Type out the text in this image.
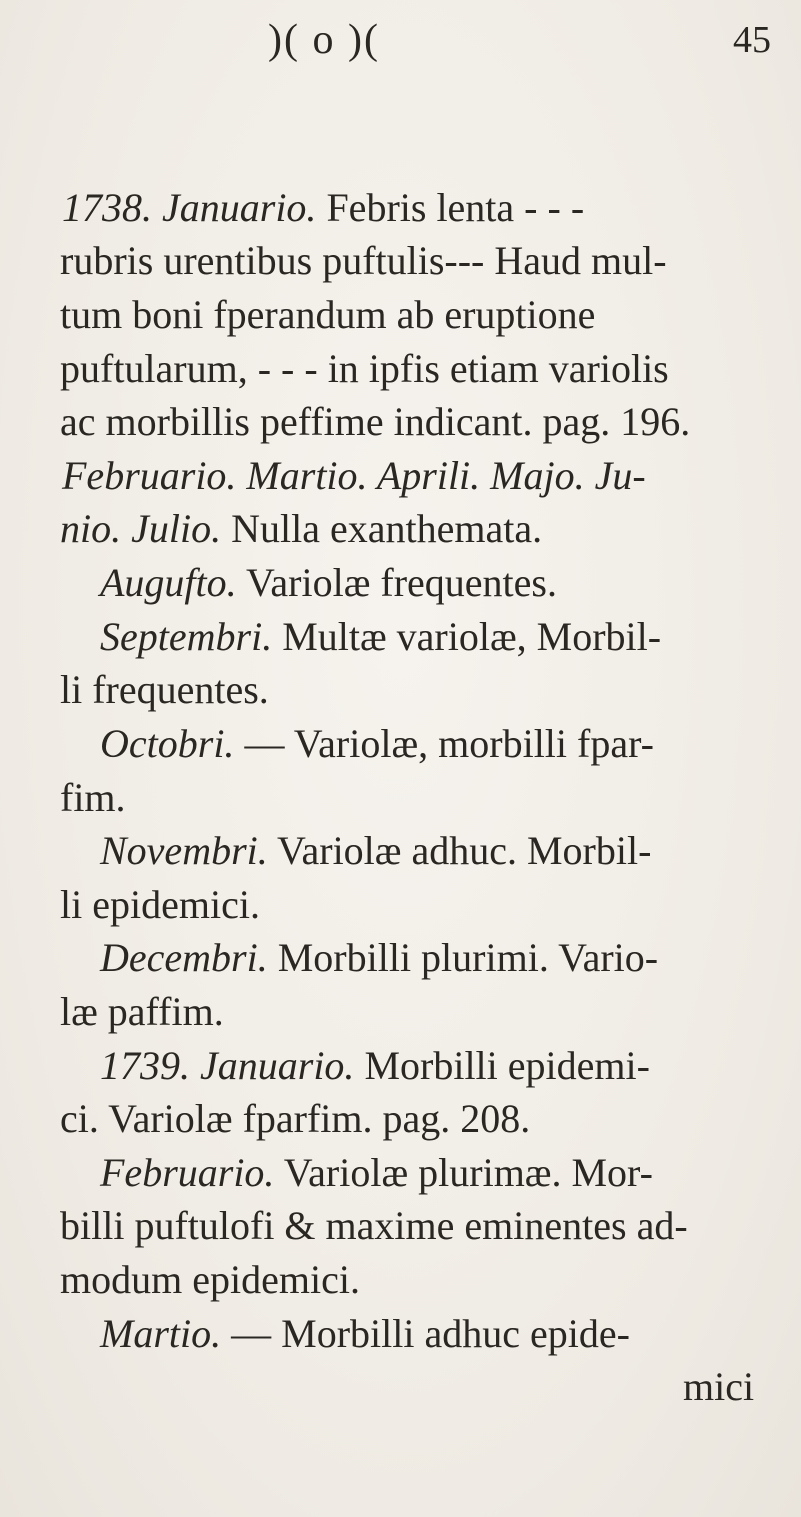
)( o )(	45
1738. Januario. Febris lenta - - -
rubris urentibus puftulis--- Haud mul-
tum boni fperandum ab eruptione
puftularum, - - - in ipfis etiam variolis
ac morbillis peffime indicant. pag. 196.
Februario. Martio. Aprili. Majo. Ju-
nio. Julio. Nulla exanthemata.
Augufto. Variolæ frequentes.
Septembri. Multæ variolæ, Morbil-
li frequentes.
Octobri. — Variolæ, morbilli fpar-
fim.
Novembri. Variolæ adhuc. Morbil-
li epidemici.
Decembri. Morbilli plurimi. Vario-
læ paffim.
1739. Januario. Morbilli epidemi-
ci. Variolæ fparfim. pag. 208.
Februario. Variolæ plurimæ. Mor-
billi puftulofi & maxime eminentes ad-
modum epidemici.
Martio. — Morbilli adhuc epide-
mici
